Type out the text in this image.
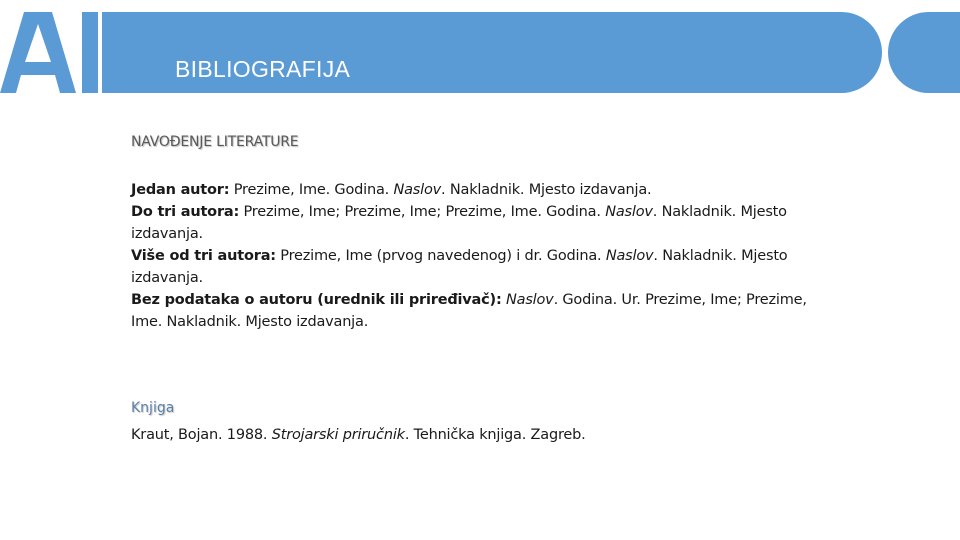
BIBLIOGRAFIJA
NAVOĐENJE LITERATURE

Jedan autor: Prezime, Ime. Godina. Naslov. Nakladnik. Mjesto izdavanja.

Do tri autora: Prezime, Ime; Prezime, Ime; Prezime, Ime. Godina. Naslov. Nakladnik. Mjesto izdavanja.

Više od tri autora: Prezime, Ime (prvog navedenog) i dr. Godina. Naslov. Nakladnik. Mjesto izdavanja.

Bez podataka o autoru (urednik ili priređivač): Naslov. Godina. Ur. Prezime, Ime; Prezime, Ime. Nakladnik. Mjesto izdavanja.

Knjiga
Kraut, Bojan. 1988. Strojarski priručnik. Tehnička knjiga. Zagreb.
